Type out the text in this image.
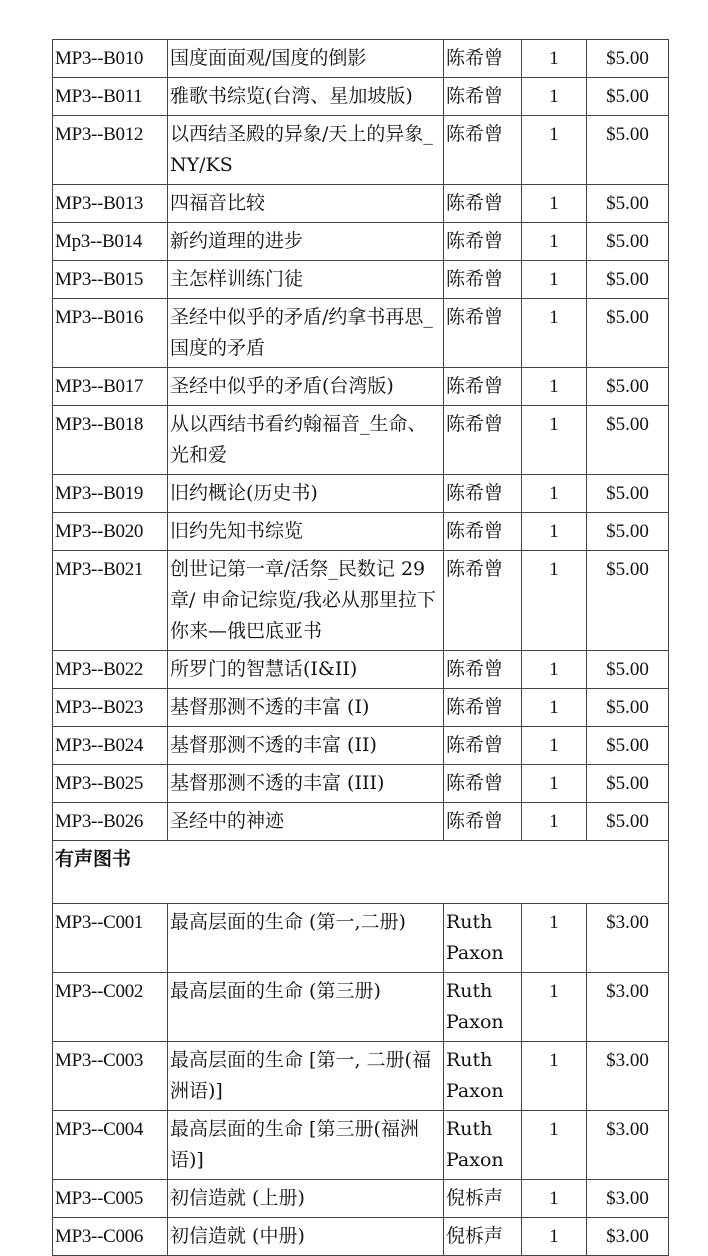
MP3--B010	国度面面观/国度的倒影	陈希曾	1	$5.00
MP3--B011	雅歌书综览(台湾、星加坡版)	陈希曾	1	$5.00
MP3--B012	以西结圣殿的异象/天上的异象_NY/KS	陈希曾	1	$5.00
MP3--B013	四福音比较	陈希曾	1	$5.00
Mp3--B014	新约道理的进步	陈希曾	1	$5.00
MP3--B015	主怎样训练门徒	陈希曾	1	$5.00
MP3--B016	圣经中似乎的矛盾/约拿书再思_国度的矛盾	陈希曾	1	$5.00
MP3--B017	圣经中似乎的矛盾(台湾版)	陈希曾	1	$5.00
MP3--B018	从以西结书看约翰福音_生命、光和爱	陈希曾	1	$5.00
MP3--B019	旧约概论(历史书)	陈希曾	1	$5.00
MP3--B020	旧约先知书综览	陈希曾	1	$5.00
MP3--B021	创世记第一章/活祭_民数记 29 章/ 申命记综览/我必从那里拉下你来—俄巴底亚书	陈希曾	1	$5.00
MP3--B022	所罗门的智慧话(I&II)	陈希曾	1	$5.00
MP3--B023	基督那测不透的丰富 (I)	陈希曾	1	$5.00
MP3--B024	基督那测不透的丰富 (II)	陈希曾	1	$5.00
MP3--B025	基督那测不透的丰富 (III)	陈希曾	1	$5.00
MP3--B026	圣经中的神迹	陈希曾	1	$5.00
有声图书				
MP3--C001	最高层面的生命 (第一,二册)	Ruth Paxon	1	$3.00
MP3--C002	最高层面的生命 (第三册)	Ruth Paxon	1	$3.00
MP3--C003	最高层面的生命 [第一, 二册(福洲语)]	Ruth Paxon	1	$3.00
MP3--C004	最高层面的生命 [第三册(福洲语)]	Ruth Paxon	1	$3.00
MP3--C005	初信造就 (上册)	倪柝声	1	$3.00
MP3--C006	初信造就 (中册)	倪柝声	1	$3.00
